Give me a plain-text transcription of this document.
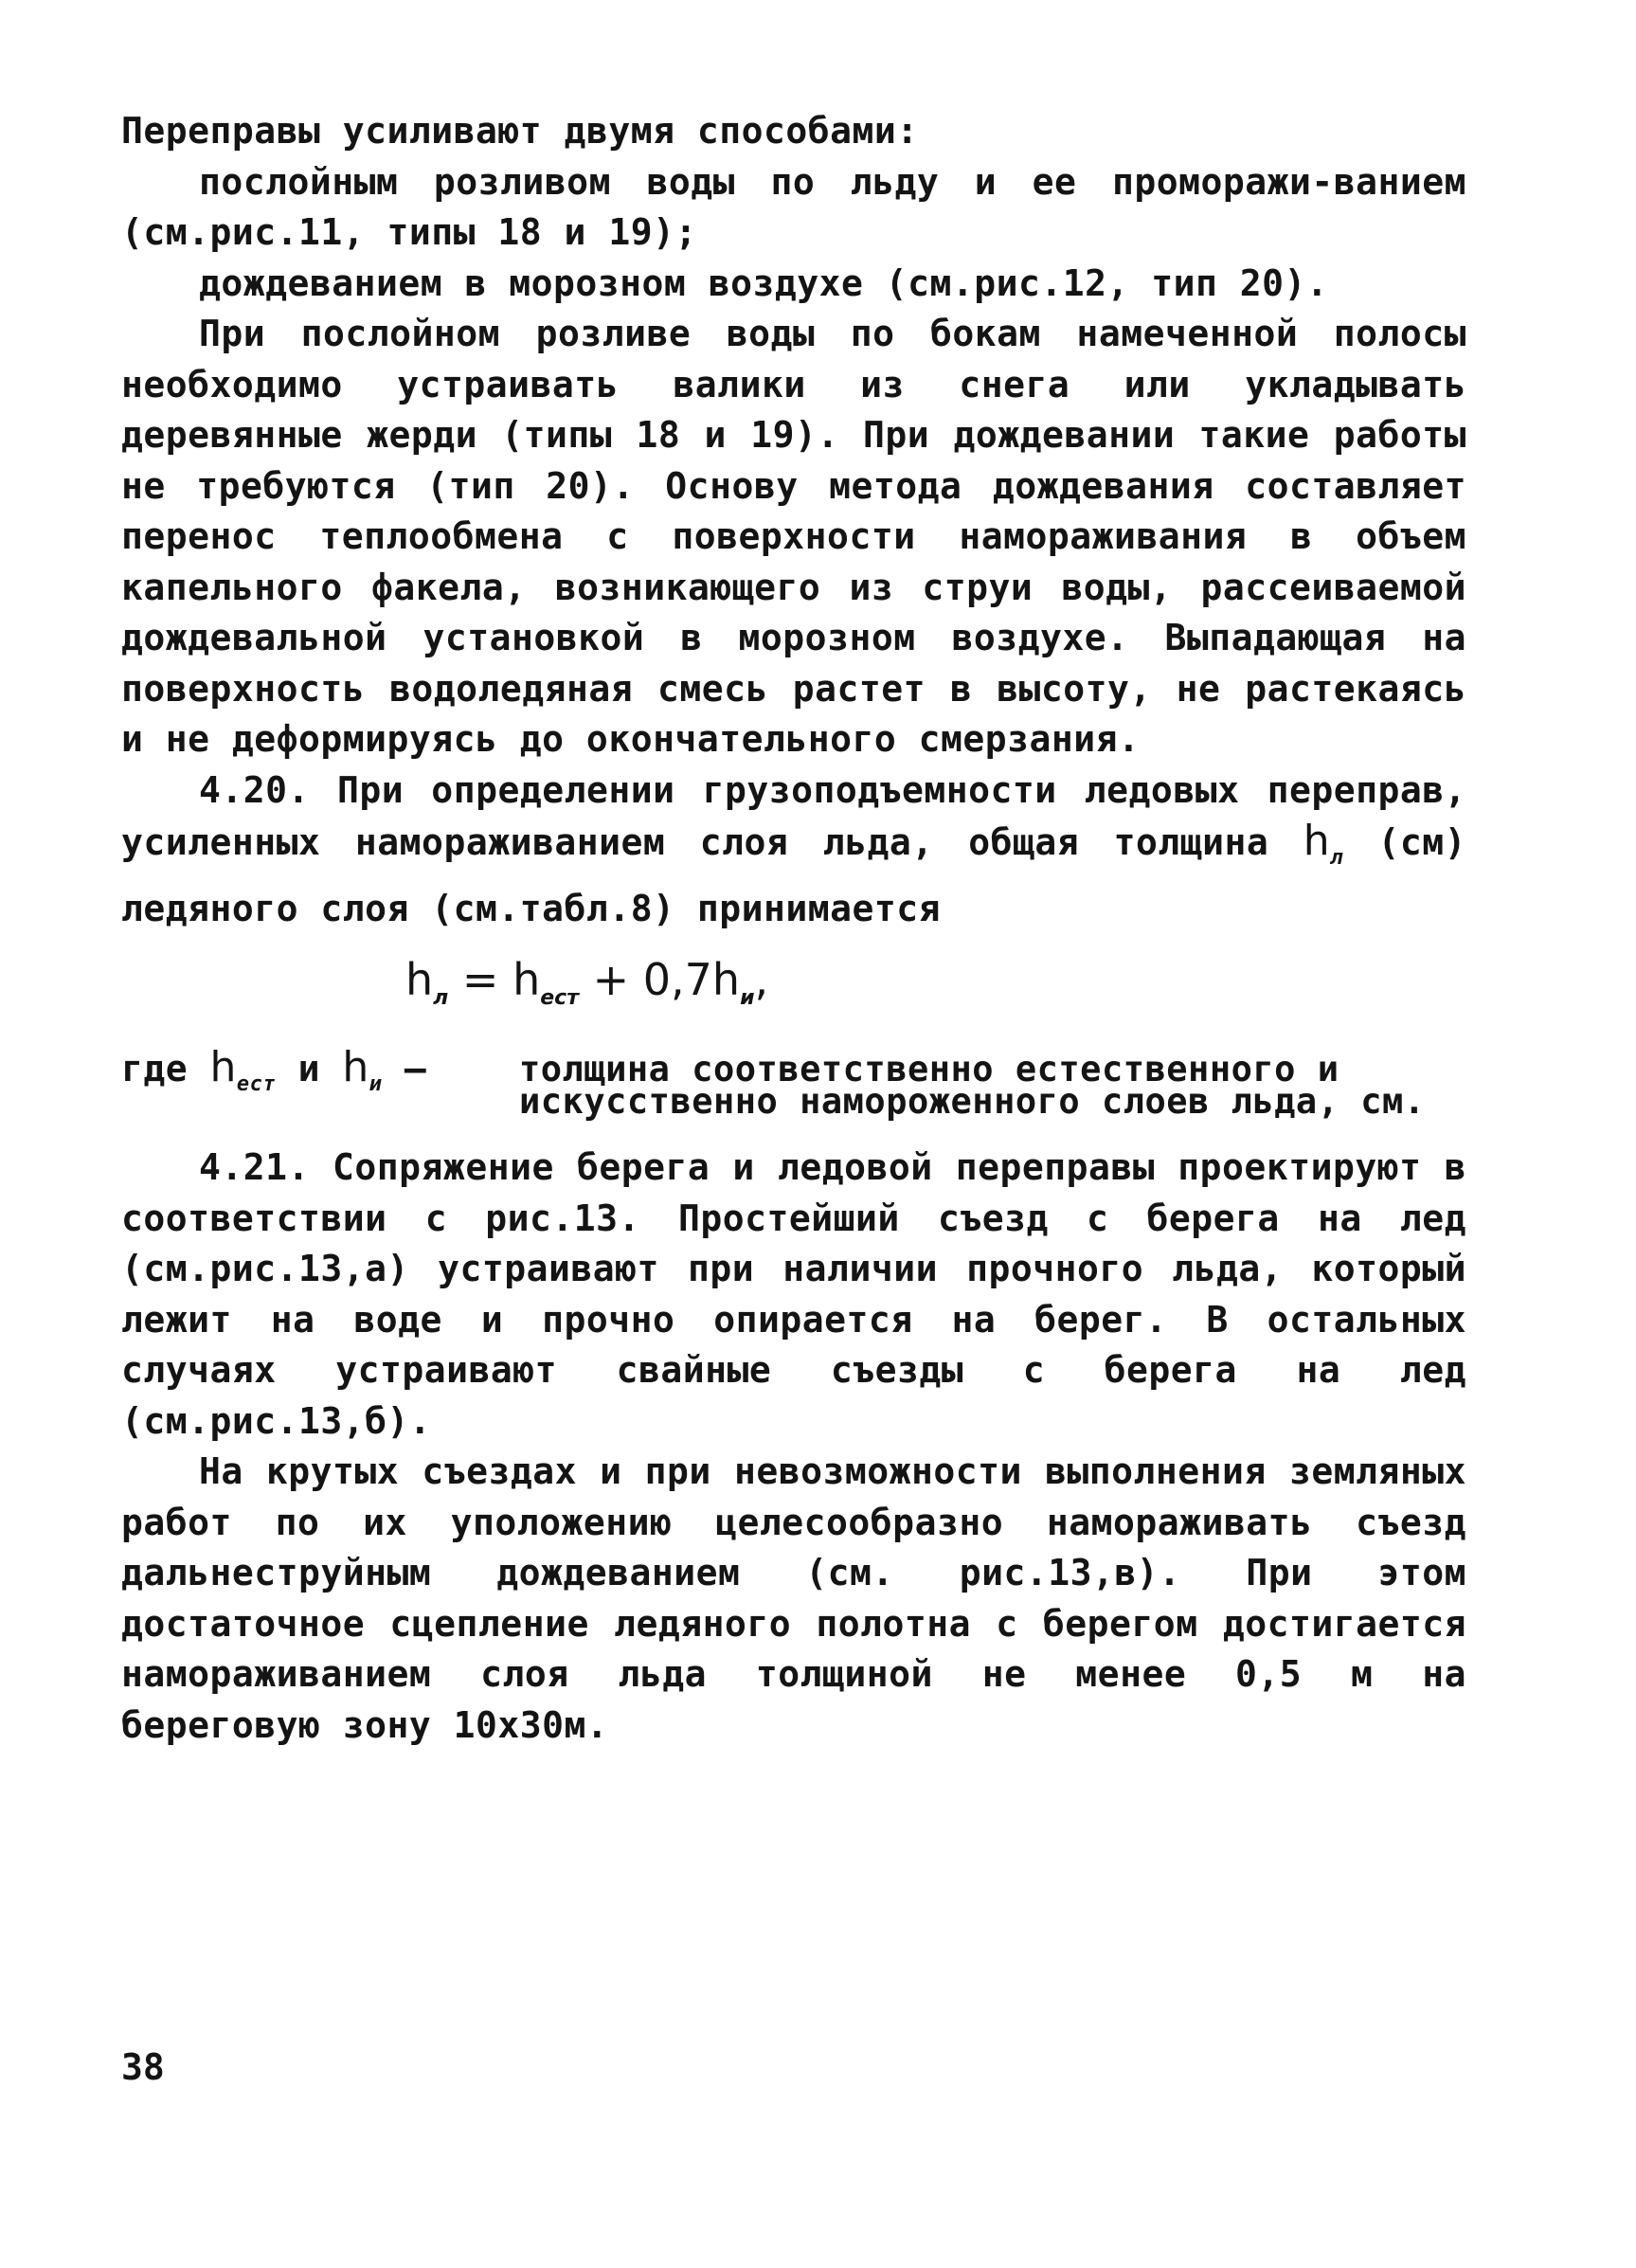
Переправы усиливают двумя способами:

послойным розливом воды по льду и ее проморажи-ванием (см.рис.11, типы 18 и 19);

дождеванием в морозном воздухе (см.рис.12, тип 20).

При послойном розливе воды по бокам намеченной полосы необходимо устраивать валики из снега или укладывать деревянные жерди (типы 18 и 19). При дождевании такие работы не требуются (тип 20). Основу метода дождевания составляет перенос теплообмена с поверхности намораживания в объем капельного факела, возникающего из струи воды, рассеиваемой дождевальной установкой в морозном воздухе. Выпадающая на поверхность водоледяная смесь растет в высоту, не растекаясь и не деформируясь до окончательного смерзания.

4.20. При определении грузоподъемности ледовых переправ, усиленных намораживанием слоя льда, общая толщина $h_л$ (см) ледяного слоя (см.табл.8) принимается

$h_л = h_{ест} + 0,7h_и$,
где $h_{ест}$ и $h_и$ –	толщина соответственно естественного и искусственно намороженного слоев льда, см.

4.21. Сопряжение берега и ледовой переправы проектируют в соответствии с рис.13. Простейший съезд с берега на лед (см.рис.13,а) устраивают при наличии прочного льда, который лежит на воде и прочно опирается на берег. В остальных случаях устраивают свайные съезды с берега на лед (см.рис.13,б).

На крутых съездах и при невозможности выполнения земляных работ по их уположению целесообразно намораживать съезд дальнеструйным дождеванием (см. рис.13,в). При этом достаточное сцепление ледяного полотна с берегом достигается намораживанием слоя льда толщиной не менее 0,5 м на береговую зону 10х30м.

38
